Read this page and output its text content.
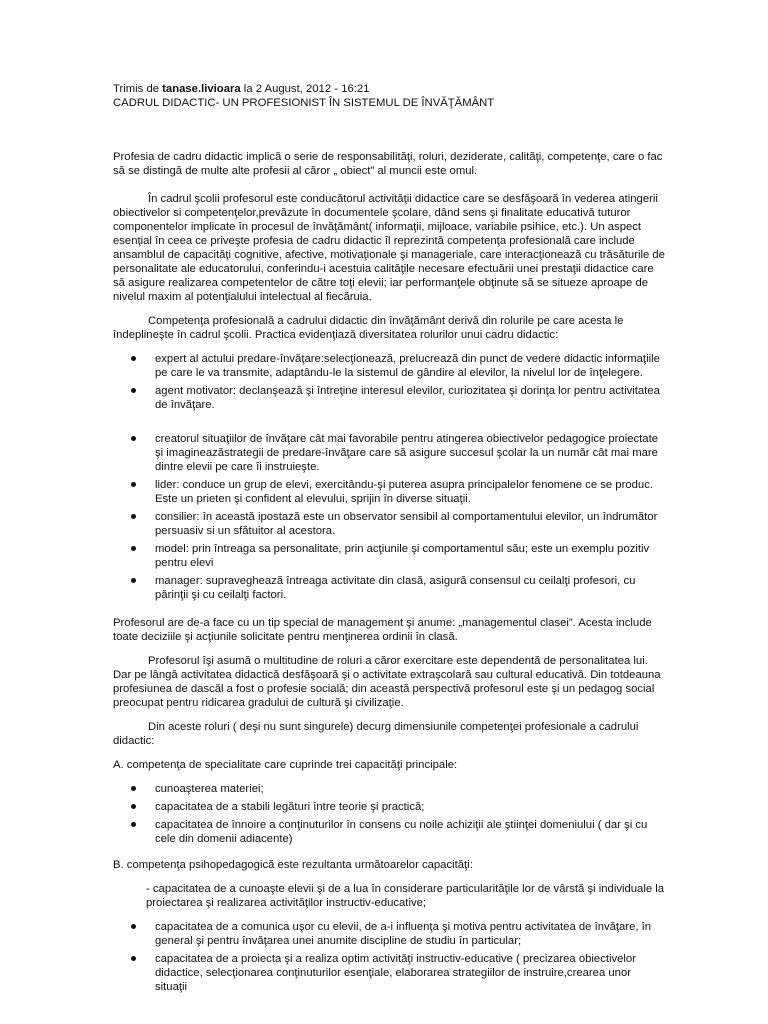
Trimis de tanase.livioara la 2 August, 2012 - 16:21

CADRUL DIDACTIC- UN PROFESIONIST ÎN SISTEMUL DE ÎNVĂŢĂMÂNT

Profesia de cadru didactic implică o serie de responsabilităţi, roluri, deziderate, calităţi, competenţe, care o fac să se distingă de multe alte profesii al căror „ obiect” al muncii este omul.

În cadrul şcolii profesorul este conducătorul activităţii didactice care se desfăşoară în vederea atingerii obiectivelor si competenţelor,prevăzute în documentele şcolare, dând sens şi finalitate educativă tuturor componentelor implicate în procesul de învăţământ( informaţii, mijloace, variabile psihice, etc.). Un aspect esenţial în ceea ce priveşte profesia de cadru didactic îl reprezintă competenţa profesională care include ansamblul de capacităţi cognitive, afective, motivaţionale şi manageriale, care interacţionează cu trăsăturile de personalitate ale educatorului, conferindu-i acestuia calităţile necesare efectuării unei prestaţii didactice care să asigure realizarea competentelor de către toţi elevii; iar performanţele obţinute să se situeze aproape de nivelul maxim al potenţialului intelectual al fiecăruia.

Competenţa profesională a cadrului didactic din învăţământ derivă din rolurile pe care acesta le îndeplineşte în cadrul şcolii. Practica evidenţiază diversitatea rolurilor unui cadru didactic:

expert al actului predare-învăţare:selecţionează, prelucrează din punct de vedere didactic informaţiile pe care le va transmite, adaptându-le la sistemul de gândire al elevilor, la nivelul lor de înţelegere.
agent motivator: declanşează şi întreţine interesul elevilor, curiozitatea şi dorinţa lor pentru activitatea de învăţare.
creatorul situaţiilor de învăţare cât mai favorabile pentru atingerea obiectivelor pedagogice proiectate şi imagineazăstrategii de predare-învăţare care să asigure succesul şcolar la un număr cât mai mare dintre elevii pe care îi instruieşte.
lider: conduce un grup de elevi, exercitându-şi puterea asupra principalelor fenomene ce se produc. Este un prieten şi confident al elevului, sprijin în diverse situaţii.
consilier: în această ipostază este un observator sensibil al comportamentului elevilor, un îndrumător persuasiv si un sfătuitor al acestora.
model: prin întreaga sa personalitate, prin acţiunile şi comportamentul său; este un exemplu pozitiv pentru elevi
manager: supraveghează întreaga activitate din clasă, asigură consensul cu ceilalţi profesori, cu părinţii şi cu ceilalţi factori.

Profesorul are de-a face cu un tip special de management şi anume: „managementul clasei”. Acesta include toate deciziile şi acţiunile solicitate pentru menţinerea ordinii în clasă.

Profesorul îşi asumă o multitudine de roluri a căror exercitare este dependentă de personalitatea lui. Dar pe lângă activitatea didactică desfăşoară şi o activitate extraşcolară sau cultural educativă. Din totdeauna profesiunea de dascăl a fost o profesie socială; din această perspectivă profesorul este şi un pedagog social preocupat pentru ridicarea gradului de cultură şi civilizaţie.

Din aceste roluri ( deşi nu sunt singurele) decurg dimensiunile competenţei profesionale a cadrului didactic:

A. competenţa de specialitate care cuprinde trei capacităţi principale:

cunoaşterea materiei;
capacitatea de a stabili legături între teorie şi practică;
capacitatea de înnoire a conţinuturilor în consens cu noile achiziţii ale ştiinţei domeniului ( dar şi cu cele din domenii adiacente)

B. competenţa psihopedagogică este rezultanta următoarelor capacităţi:

- capacitatea de a cunoaşte elevii şi de a lua în considerare particularităţile lor de vârstă şi individuale la proiectarea şi realizarea activităţilor instructiv-educative;

capacitatea de a comunica uşor cu elevii, de a-i influenţa şi motiva pentru activitatea de învăţare, în general şi pentru învăţarea unei anumite discipline de studiu în particular;
capacitatea de a proiecta şi a realiza optim activităţi instructiv-educative ( precizarea obiectivelor didactice, selecţionarea conţinuturilor esenţiale, elaborarea strategiilor de instruire,crearea unor situaţii
